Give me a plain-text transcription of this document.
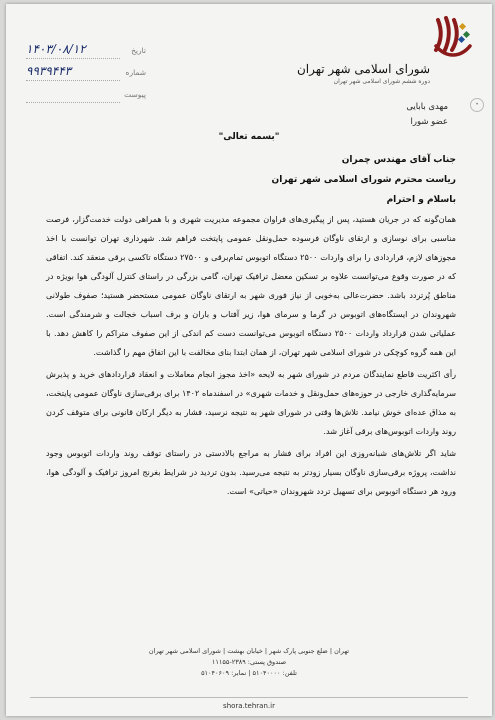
تاریخ
۱۴۰۳/۰۸/۱۲
شماره
۹۹۳۹۴۴۳
پیوست
شورای اسلامی شهر تهران
دوره ششم شورای اسلامی شهر تهران
•
مهدی بابایی
عضو شورا
"بسمه تعالی"
جناب آقای مهندس چمران
ریاست محترم شورای اسلامی شهر تهران
باسلام و احترام

همان‌گونه که در جریان هستید، پس از پیگیری‌های فراوان مجموعه مدیریت شهری و با همراهی دولت خدمت‌گزار، فرصت مناسبی برای نوسازی و ارتقای ناوگان فرسوده حمل‌ونقل عمومی پایتخت فراهم شد. شهرداری تهران توانست با اخذ مجوزهای لازم، قراردادی را برای واردات ۲۵۰۰ دستگاه اتوبوس تمام‌برقی و ۲۷۵۰۰ دستگاه تاکسی برقی منعقد کند. اتفاقی که در صورت وقوع می‌توانست علاوه بر تسکین معضل ترافیک تهران، گامی بزرگی در راستای کنترل آلودگی هوا بویژه در مناطق پُرتردد باشد. حضرت‌عالی به‌خوبی از نیاز فوری شهر به ارتقای ناوگان عمومی مستحضر هستید؛ صفوف طولانی شهروندان در ایستگاه‌های اتوبوس در گرما و سرمای هوا، زیر آفتاب و باران و برف اسباب خجالت و شرمندگی است. عملیاتی شدن قرارداد واردات ۲۵۰۰ دستگاه اتوبوس می‌توانست دست کم اندکی از این صفوف متراکم را کاهش دهد. با این همه گروه کوچکی در شورای اسلامی شهر تهران، از همان ابتدا بنای مخالفت با این اتفاق مهم را گذاشت.

رأی اکثریت قاطع نمایندگان مردم در شورای شهر به لایحه «اخذ مجوز انجام معاملات و انعقاد قراردادهای خرید و پذیرش سرمایه‌گذاری خارجی در حوزه‌های حمل‌ونقل و خدمات شهری» در اسفندماه ۱۴۰۲ برای برقی‌سازی ناوگان عمومی پایتخت، به مذاق عده‌ای خوش نیامد. تلاش‌ها وقتی در شورای شهر به نتیجه نرسید، فشار به دیگر ارکان قانونی برای متوقف کردن روند واردات اتوبوس‌های برقی آغاز شد.

شاید اگر تلاش‌های شبانه‌روزی این افراد برای فشار به مراجع بالادستی در راستای توقف روند واردات اتوبوس وجود نداشت، پروژه برقی‌سازی ناوگان بسیار زودتر به نتیجه می‌رسید. بدون تردید در شرایط بغرنج امروز ترافیک و آلودگی هوا، ورود هر دستگاه اتوبوس برای تسهیل تردد شهروندان «حیاتی» است.

تهران | ضلع جنوبی پارک شهر | خیابان بهشت | شورای اسلامی شهر تهران
صندوق پستی: ۲۳۸۹-۱۱۱۵۵
تلفن: ۵۱۰۴۰۰۰۰ | نمابر: ۵۱۰۴۰۶۰۹
shora.tehran.ir
